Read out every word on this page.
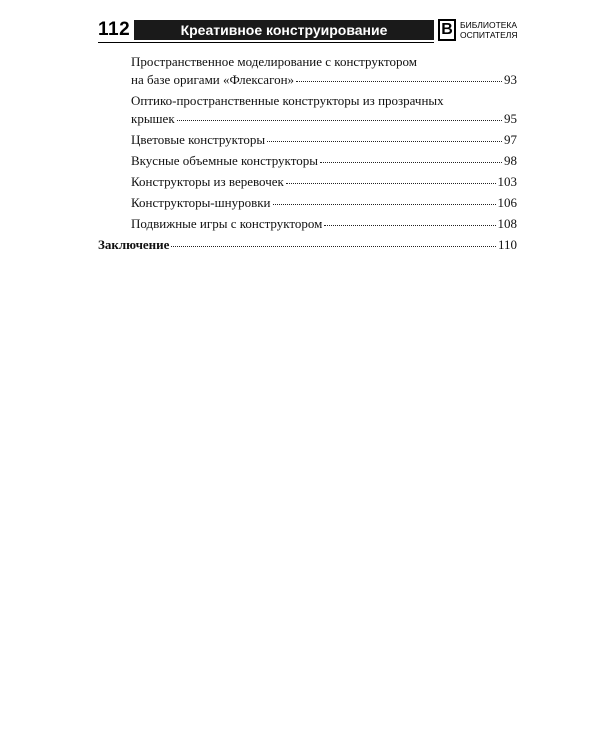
112	Креативное конструирование	В БИБЛИОТЕКА
ОСПИТАТЕЛЯ
Пространственное моделирование с конструктором
на базе оригами «Флексагон»	93
Оптико-пространственные конструкторы из прозрачных
крышек	95
Цветовые конструкторы	97
Вкусные объемные конструкторы	98
Конструкторы из веревочек	103
Конструкторы-шнуровки	106
Подвижные игры с конструктором	108
Заключение	110
